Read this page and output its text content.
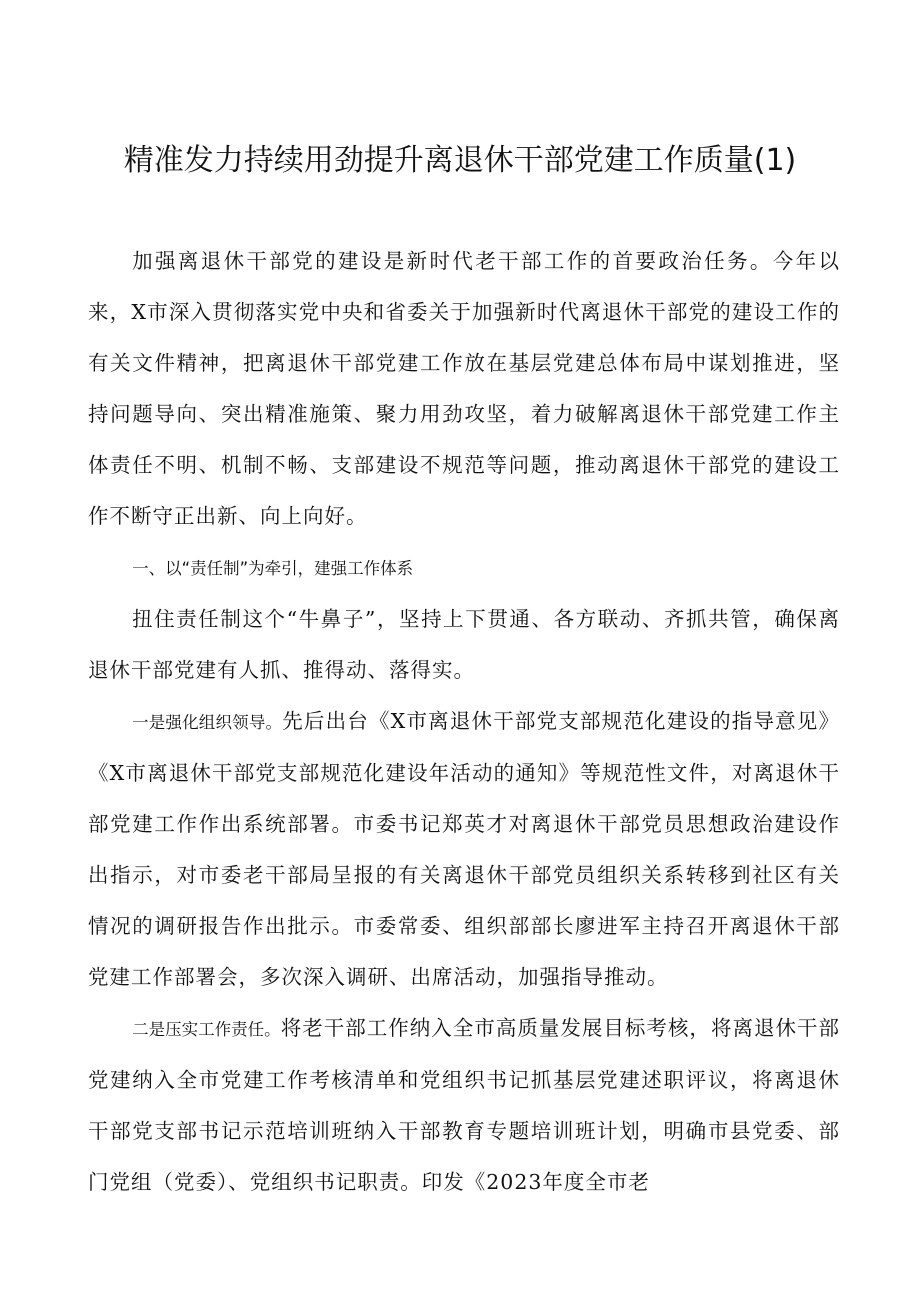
精准发力持续用劲提升离退休干部党建工作质量(1)

加强离退休干部党的建设是新时代老干部工作的首要政治任务。今年以来，X市深入贯彻落实党中央和省委关于加强新时代离退休干部党的建设工作的有关文件精神，把离退休干部党建工作放在基层党建总体布局中谋划推进，坚持问题导向、突出精准施策、聚力用劲攻坚，着力破解离退休干部党建工作主体责任不明、机制不畅、支部建设不规范等问题，推动离退休干部党的建设工作不断守正出新、向上向好。

一、以“责任制”为牵引，建强工作体系

扭住责任制这个“牛鼻子”，坚持上下贯通、各方联动、齐抓共管，确保离退休干部党建有人抓、推得动、落得实。

一是强化组织领导。先后出台《X市离退休干部党支部规范化建设的指导意见》《X市离退休干部党支部规范化建设年活动的通知》等规范性文件，对离退休干部党建工作作出系统部署。市委书记郑英才对离退休干部党员思想政治建设作出指示，对市委老干部局呈报的有关离退休干部党员组织关系转移到社区有关情况的调研报告作出批示。市委常委、组织部部长廖进军主持召开离退休干部党建工作部署会，多次深入调研、出席活动，加强指导推动。

二是压实工作责任。将老干部工作纳入全市高质量发展目标考核，将离退休干部党建纳入全市党建工作考核清单和党组织书记抓基层党建述职评议，将离退休干部党支部书记示范培训班纳入干部教育专题培训班计划，明确市县党委、部门党组（党委）、党组织书记职责。印发《2023年度全市老
